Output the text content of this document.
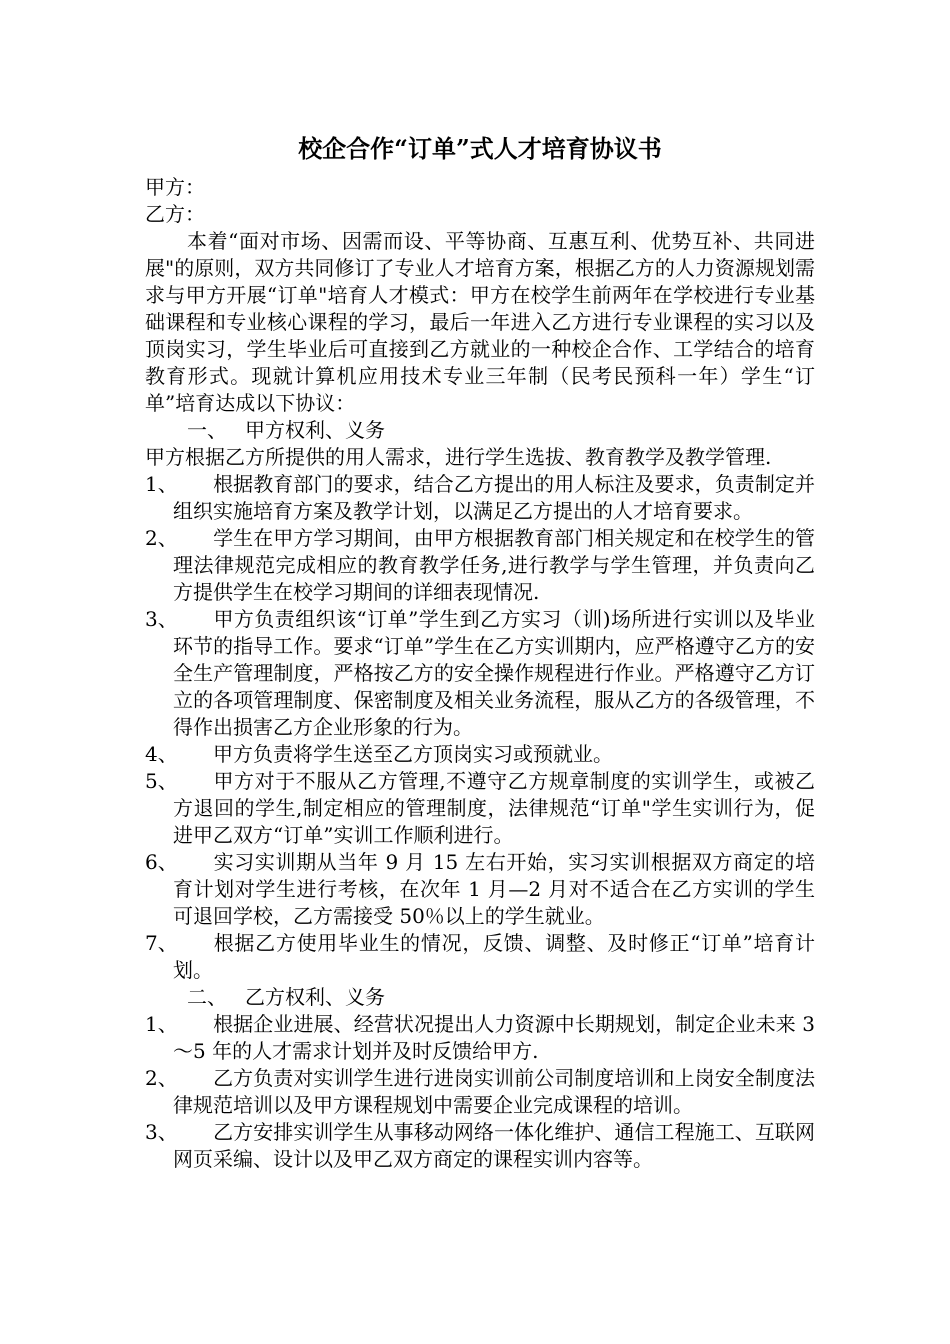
校企合作“订单”式人才培育协议书

甲方：

乙方：

本着“面对市场、因需而设、平等协商、互惠互利、优势互补、共同进展"的原则，双方共同修订了专业人才培育方案，根据乙方的人力资源规划需求与甲方开展“订单"培育人才模式：甲方在校学生前两年在学校进行专业基础课程和专业核心课程的学习，最后一年进入乙方进行专业课程的实习以及顶岗实习，学生毕业后可直接到乙方就业的一种校企合作、工学结合的培育教育形式。现就计算机应用技术专业三年制（民考民预科一年）学生“订单”培育达成以下协议：

一、 甲方权利、义务

甲方根据乙方所提供的用人需求，进行学生选拔、教育教学及教学管理.

1、 根据教育部门的要求，结合乙方提出的用人标注及要求，负责制定并组织实施培育方案及教学计划，以满足乙方提出的人才培育要求。

2、 学生在甲方学习期间，由甲方根据教育部门相关规定和在校学生的管理法律规范完成相应的教育教学任务,进行教学与学生管理，并负责向乙方提供学生在校学习期间的详细表现情况.

3、 甲方负责组织该“订单”学生到乙方实习（训)场所进行实训以及毕业环节的指导工作。要求“订单”学生在乙方实训期内，应严格遵守乙方的安全生产管理制度，严格按乙方的安全操作规程进行作业。严格遵守乙方订立的各项管理制度、保密制度及相关业务流程，服从乙方的各级管理，不得作出损害乙方企业形象的行为。

4、 甲方负责将学生送至乙方顶岗实习或预就业。

5、 甲方对于不服从乙方管理,不遵守乙方规章制度的实训学生，或被乙方退回的学生,制定相应的管理制度，法律规范“订单"学生实训行为，促进甲乙双方“订单”实训工作顺利进行。

6、 实习实训期从当年 9 月 15 左右开始，实习实训根据双方商定的培育计划对学生进行考核，在次年 1 月—2 月对不适合在乙方实训的学生可退回学校，乙方需接受 50％以上的学生就业。

7、 根据乙方使用毕业生的情况，反馈、调整、及时修正“订单”培育计划。

二、 乙方权利、义务

1、 根据企业进展、经营状况提出人力资源中长期规划，制定企业未来 3～5 年的人才需求计划并及时反馈给甲方.

2、 乙方负责对实训学生进行进岗实训前公司制度培训和上岗安全制度法律规范培训以及甲方课程规划中需要企业完成课程的培训。

3、 乙方安排实训学生从事移动网络一体化维护、通信工程施工、互联网网页采编、设计以及甲乙双方商定的课程实训内容等。
